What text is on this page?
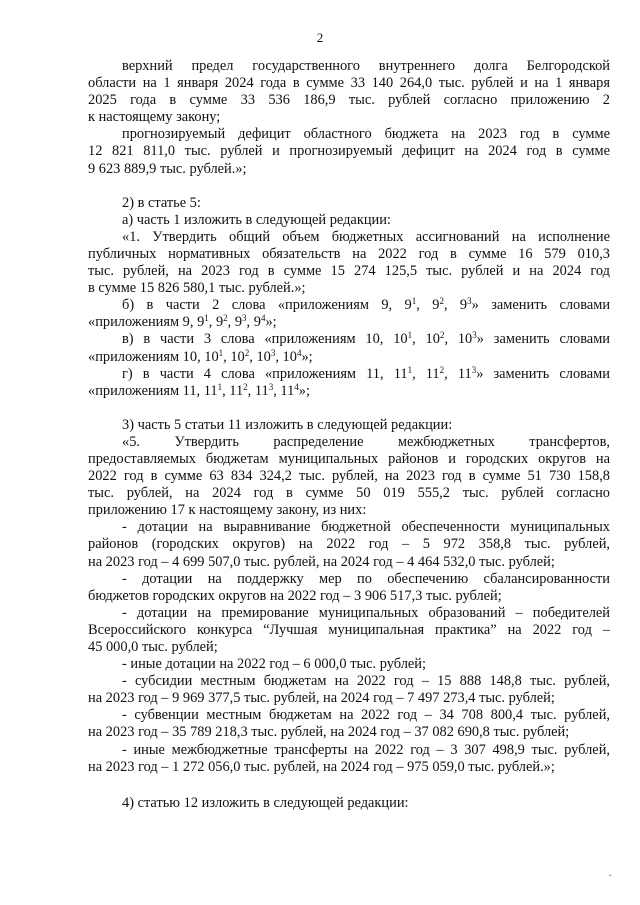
2
верхний предел государственного внутреннего долга Белгородской
области на 1 января 2024 года в сумме 33 140 264,0 тыс. рублей и на 1 января
2025 года в сумме 33 536 186,9 тыс. рублей согласно приложению 2
к настоящему закону;
прогнозируемый дефицит областного бюджета на 2023 год в сумме
12 821 811,0 тыс. рублей и прогнозируемый дефицит на 2024 год в сумме
9 623 889,9 тыс. рублей.»;
2) в статье 5:
а) часть 1 изложить в следующей редакции:
«1. Утвердить общий объем бюджетных ассигнований на исполнение
публичных нормативных обязательств на 2022 год в сумме 16 579 010,3
тыс. рублей, на 2023 год в сумме 15 274 125,5 тыс. рублей и на 2024 год
в сумме 15 826 580,1 тыс. рублей.»;
б) в части 2 слова «приложениям 9, $9^1$, $9^2$, $9^3$» заменить словами
«приложениям 9, $9^1$, $9^2$, $9^3$, $9^4$»;
в) в части 3 слова «приложениям 10, $10^1$, $10^2$, $10^3$» заменить словами
«приложениям 10, $10^1$, $10^2$, $10^3$, $10^4$»;
г) в части 4 слова «приложениям 11, $11^1$, $11^2$, $11^3$» заменить словами
«приложениям 11, $11^1$, $11^2$, $11^3$, $11^4$»;
3) часть 5 статьи 11 изложить в следующей редакции:
«5. Утвердить распределение межбюджетных трансфертов,
предоставляемых бюджетам муниципальных районов и городских округов на
2022 год в сумме 63 834 324,2 тыс. рублей, на 2023 год в сумме 51 730 158,8
тыс. рублей, на 2024 год в сумме 50 019 555,2 тыс. рублей согласно
приложению 17 к настоящему закону, из них:
- дотации на выравнивание бюджетной обеспеченности муниципальных
районов (городских округов) на 2022 год – 5 972 358,8 тыс. рублей,
на 2023 год – 4 699 507,0 тыс. рублей, на 2024 год – 4 464 532,0 тыс. рублей;
- дотации на поддержку мер по обеспечению сбалансированности
бюджетов городских округов на 2022 год – 3 906 517,3 тыс. рублей;
- дотации на премирование муниципальных образований – победителей
Всероссийского конкурса “Лучшая муниципальная практика” на 2022 год –
45 000,0 тыс. рублей;
- иные дотации на 2022 год – 6 000,0 тыс. рублей;
- субсидии местным бюджетам на 2022 год – 15 888 148,8 тыс. рублей,
на 2023 год – 9 969 377,5 тыс. рублей, на 2024 год – 7 497 273,4 тыс. рублей;
- субвенции местным бюджетам на 2022 год – 34 708 800,4 тыс. рублей,
на 2023 год – 35 789 218,3 тыс. рублей, на 2024 год – 37 082 690,8 тыс. рублей;
- иные межбюджетные трансферты на 2022 год – 3 307 498,9 тыс. рублей,
на 2023 год – 1 272 056,0 тыс. рублей, на 2024 год – 975 059,0 тыс. рублей.»;
4) статью 12 изложить в следующей редакции:
ˇ
